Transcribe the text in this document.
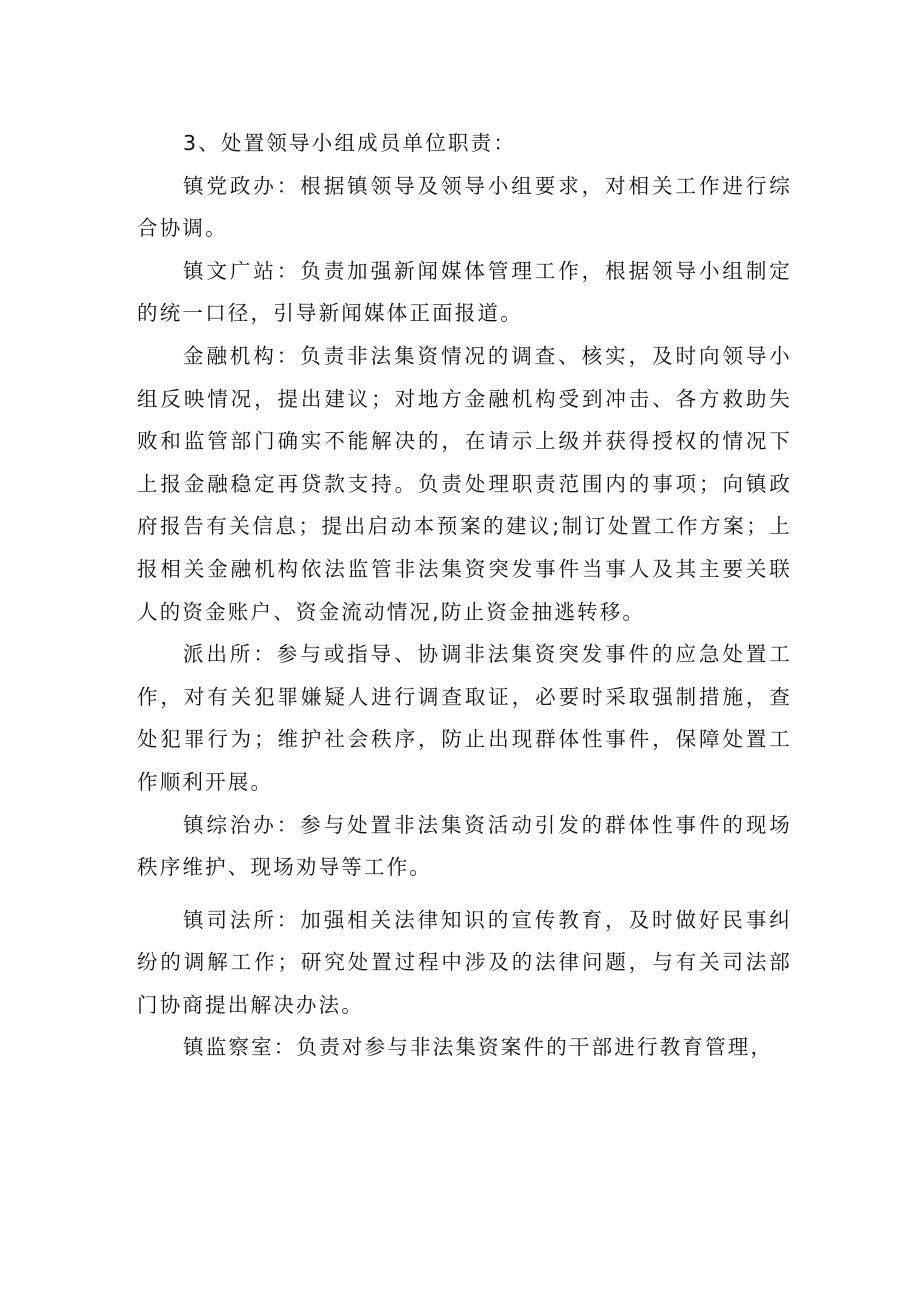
3、处置领导小组成员单位职责：

镇党政办：根据镇领导及领导小组要求，对相关工作进行综合协调。

镇文广站：负责加强新闻媒体管理工作，根据领导小组制定的统一口径，引导新闻媒体正面报道。

金融机构：负责非法集资情况的调查、核实，及时向领导小组反映情况，提出建议；对地方金融机构受到冲击、各方救助失败和监管部门确实不能解决的，在请示上级并获得授权的情况下上报金融稳定再贷款支持。负责处理职责范围内的事项；向镇政府报告有关信息；提出启动本预案的建议;制订处置工作方案；上报相关金融机构依法监管非法集资突发事件当事人及其主要关联人的资金账户、资金流动情况,防止资金抽逃转移。

派出所：参与或指导、协调非法集资突发事件的应急处置工作，对有关犯罪嫌疑人进行调查取证，必要时采取强制措施，查处犯罪行为；维护社会秩序，防止出现群体性事件，保障处置工作顺利开展。

镇综治办：参与处置非法集资活动引发的群体性事件的现场秩序维护、现场劝导等工作。

镇司法所：加强相关法律知识的宣传教育，及时做好民事纠纷的调解工作；研究处置过程中涉及的法律问题，与有关司法部门协商提出解决办法。

镇监察室：负责对参与非法集资案件的干部进行教育管理，
